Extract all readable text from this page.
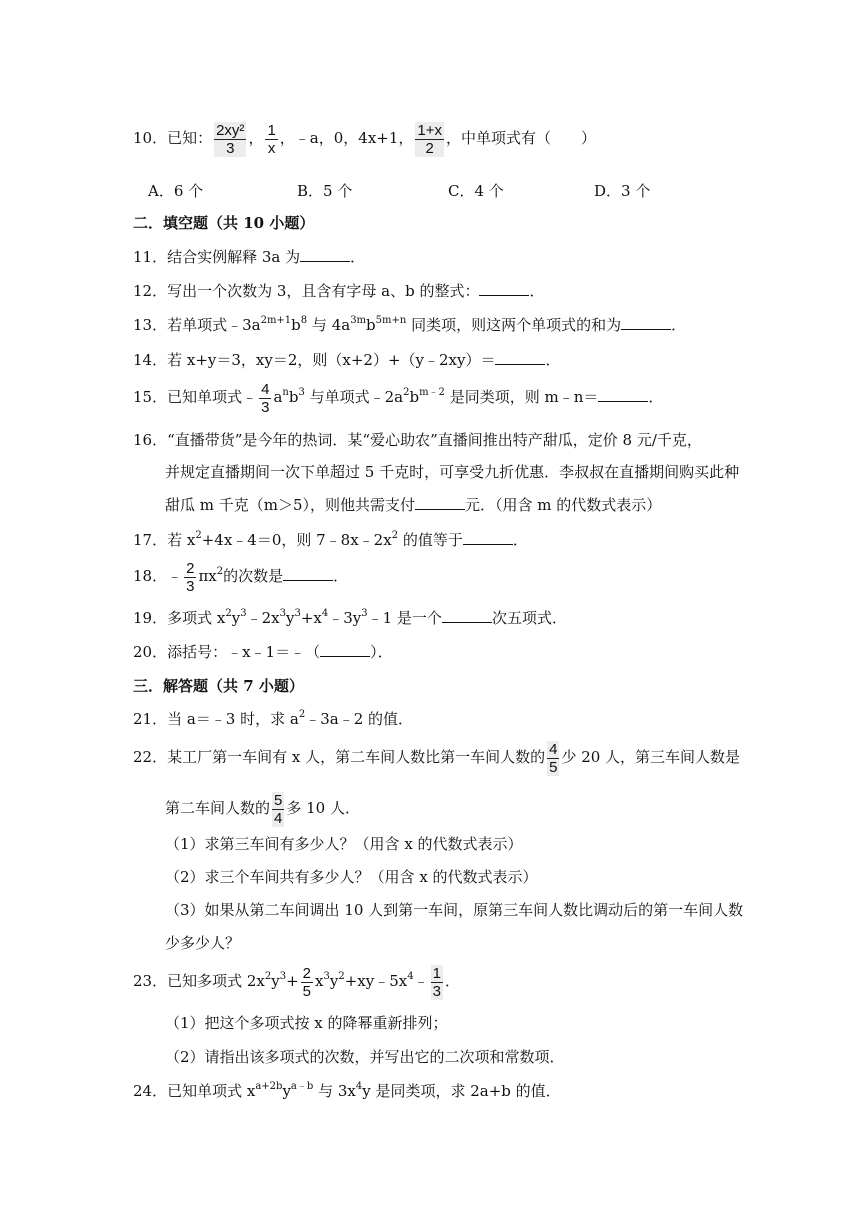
10．已知： $\frac{\text{2xy²}}{3}$ ， $\frac{1}{x}$ ，﹣a，0，4x+1， $\frac{1+x}{2}$ ，中单项式有（　　）
A．6 个	B．5 个	C．4 个	D．3 个
二．填空题（共 10 小题）
11．结合实例解释 3a 为	．
12．写出一个次数为 3，且含有字母 a、b 的整式：	．
13．若单项式$﹣3a^{2m+1}b^8$ 与 $4a^{3m}b^{5m+n}$ 同类项，则这两个单项式的和为	．
14．若 x+y＝3，xy＝2，则（x+2）+（y﹣2xy）＝	．
15．已知单项式﹣ $\frac{4}{3} a^nb^3$ 与单项式$﹣2a^2b^{m﹣2}$ 是同类项，则 m﹣n＝	．
16．“直播带货”是今年的热词．某“爱心助农”直播间推出特产甜瓜，定价 8 元/千克，
并规定直播期间一次下单超过 5 千克时，可享受九折优惠．李叔叔在直播期间购买此种
甜瓜 m 千克（m＞5），则他共需支付	元．（用含 m 的代数式表示）
17．若 $x^2+4x﹣4=0$，则 $7﹣8x﹣2x^2$ 的值等于	．
18．﹣ $\frac{2}{3} \pi x^2$的次数是	．
19．多项式 $x^2y^3﹣2x^3y^3+x^4﹣3y^3﹣1$ 是一个	次五项式．
20．添括号：﹣x﹣1＝﹣（	）．
三．解答题（共 7 小题）
21．当 a＝﹣3 时，求 $a^2﹣3a﹣2$ 的值．
22．某工厂第一车间有 x 人，第二车间人数比第一车间人数的 $\frac{4}{5}$ 少 20 人，第三车间人数是
第二车间人数的 $\frac{5}{4}$ 多 10 人．
（1）求第三车间有多少人？（用含 x 的代数式表示）
（2）求三个车间共有多少人？（用含 x 的代数式表示）
（3）如果从第二车间调出 10 人到第一车间，原第三车间人数比调动后的第一车间人数
少多少人？
23．已知多项式 $2x^2y^3+ \frac{2}{5}$ $x^3y^2+xy﹣5x^4﹣ \frac{1}{3}$ ．
（1）把这个多项式按 x 的降幂重新排列；
（2）请指出该多项式的次数，并写出它的二次项和常数项．
24．已知单项式 $x^{a+2b}y^{a﹣b}$ 与 $3x^4y$ 是同类项，求 2a+b 的值．
